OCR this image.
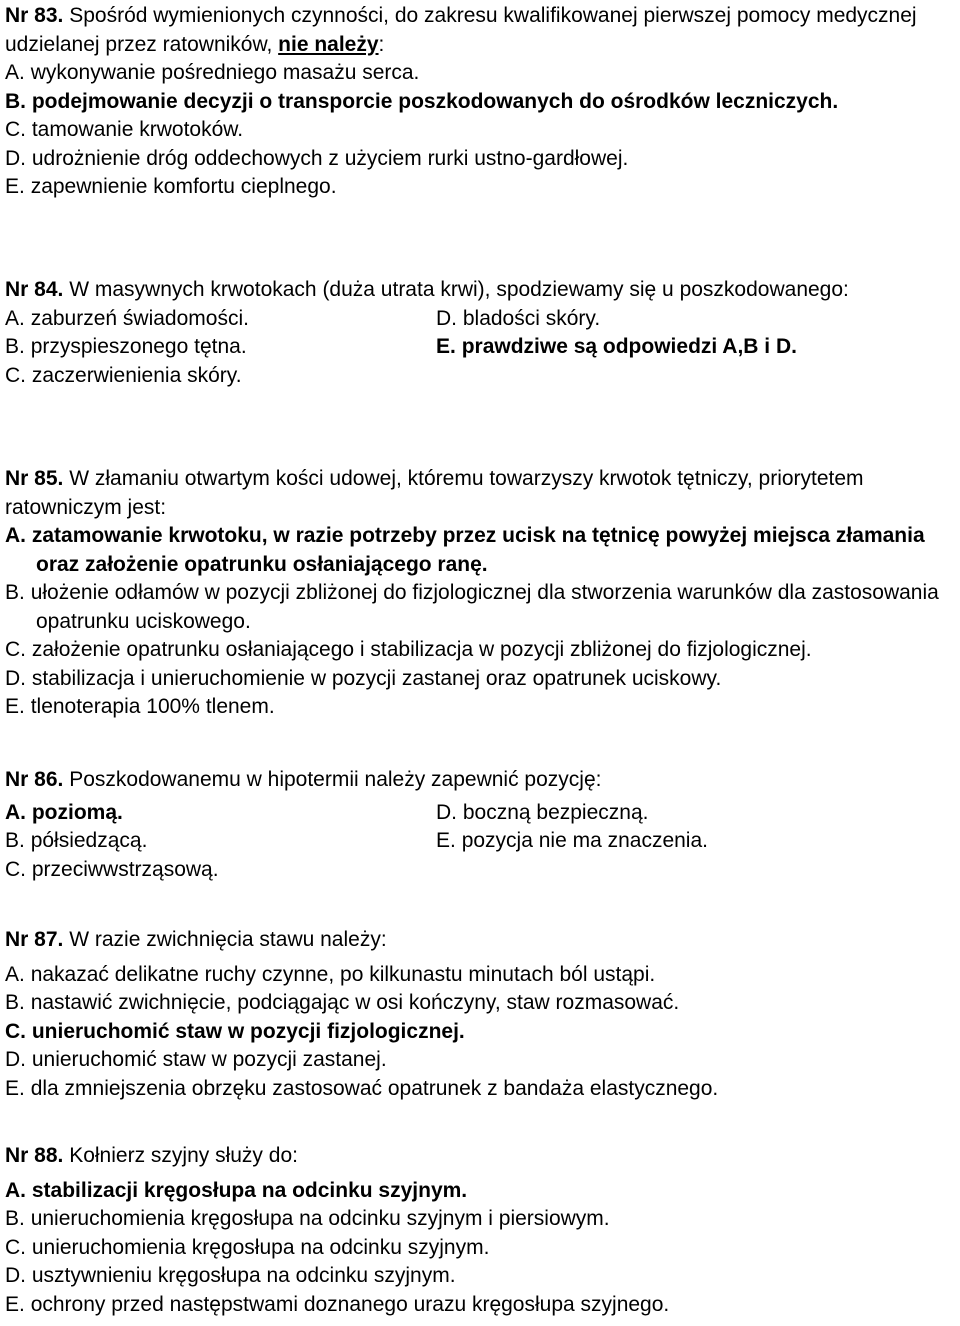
Nr 83. Spośród wymienionych czynności, do zakresu kwalifikowanej pierwszej pomocy medycznej udzielanej przez ratowników, nie należy:

A. wykonywanie pośredniego masażu serca.

B. podejmowanie decyzji o transporcie poszkodowanych do ośrodków leczniczych.

C. tamowanie krwotoków.

D. udrożnienie dróg oddechowych z użyciem rurki ustno-gardłowej.

E. zapewnienie komfortu cieplnego.

Nr 84. W masywnych krwotokach (duża utrata krwi), spodziewamy się u poszkodowanego:

A. zaburzeń świadomości.	D. bladości skóry.

B. przyspieszonego tętna.	E. prawdziwe są odpowiedzi A,B i D.

C. zaczerwienienia skóry.

Nr 85. W złamaniu otwartym kości udowej, któremu towarzyszy krwotok tętniczy, priorytetem ratowniczym jest:

A. zatamowanie krwotoku, w razie potrzeby przez ucisk na tętnicę powyżej miejsca złamania oraz założenie opatrunku osłaniającego ranę.

B. ułożenie odłamów w pozycji zbliżonej do fizjologicznej dla stworzenia warunków dla zastosowania opatrunku uciskowego.

C. założenie opatrunku osłaniającego i stabilizacja w pozycji zbliżonej do fizjologicznej.

D. stabilizacja i unieruchomienie w pozycji zastanej oraz opatrunek uciskowy.

E. tlenoterapia 100% tlenem.

Nr 86. Poszkodowanemu w hipotermii należy zapewnić pozycję:

A. poziomą.	D. boczną bezpieczną.

B. półsiedzącą.	E. pozycja nie ma znaczenia.

C. przeciwwstrząsową.

Nr 87. W razie zwichnięcia stawu należy:

A. nakazać delikatne ruchy czynne, po kilkunastu minutach ból ustąpi.

B. nastawić zwichnięcie, podciągając w osi kończyny, staw rozmasować.

C. unieruchomić staw w pozycji fizjologicznej.

D. unieruchomić staw w pozycji zastanej.

E. dla zmniejszenia obrzęku zastosować opatrunek z bandaża elastycznego.

Nr 88. Kołnierz szyjny służy do:

A. stabilizacji kręgosłupa na odcinku szyjnym.

B. unieruchomienia kręgosłupa na odcinku szyjnym i piersiowym.

C. unieruchomienia kręgosłupa na odcinku szyjnym.

D. usztywnieniu kręgosłupa na odcinku szyjnym.

E. ochrony przed następstwami doznanego urazu kręgosłupa szyjnego.
